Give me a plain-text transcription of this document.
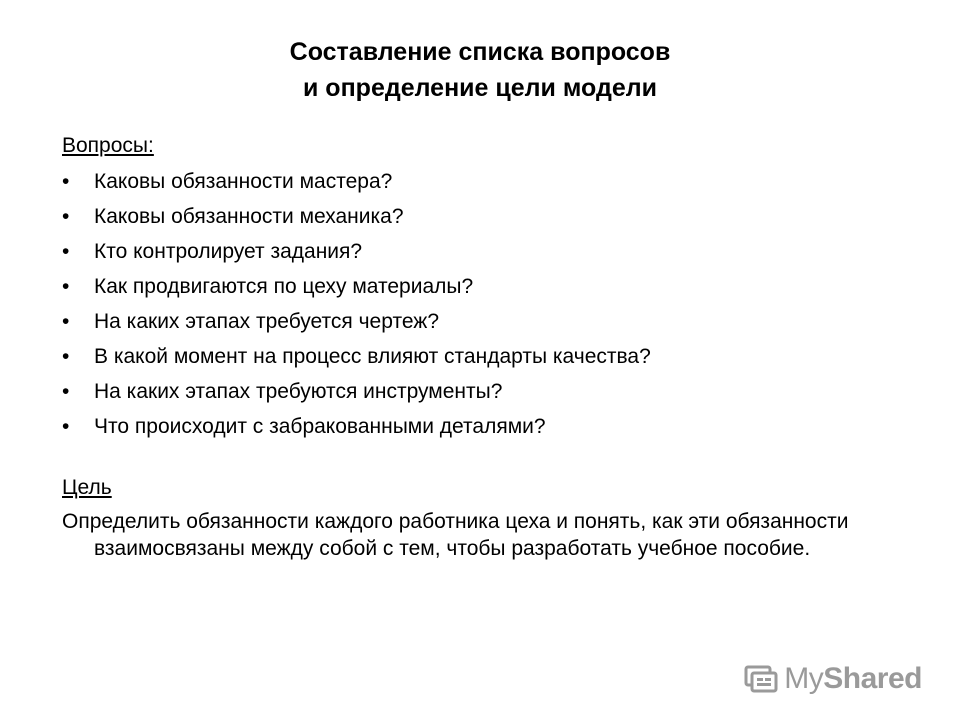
Составление списка вопросов
и определение цели модели

Вопросы:

• Каковы обязанности мастера?
• Каковы обязанности механика?
• Кто контролирует задания?
• Как продвигаются по цеху материалы?
• На каких этапах требуется чертеж?
• В какой момент на процесс влияют стандарты качества?
• На каких этапах требуются инструменты?
• Что происходит с забракованными деталями?

Цель

Определить обязанности каждого работника цеха и понять, как эти обязанности взаимосвязаны между собой с тем, чтобы разработать учебное пособие.

MyShared
